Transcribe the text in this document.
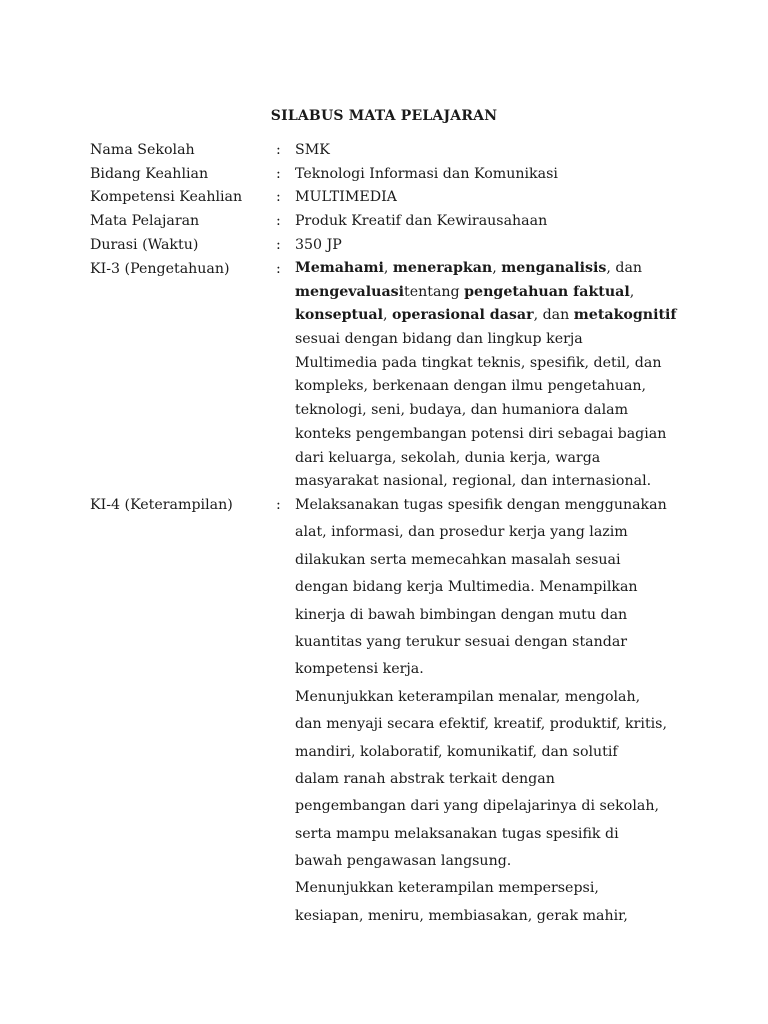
SILABUS MATA PELAJARAN
Nama Sekolah	: SMK
Bidang Keahlian	: Teknologi Informasi dan Komunikasi
Kompetensi Keahlian : MULTIMEDIA
Mata Pelajaran	: Produk Kreatif dan Kewirausahaan
Durasi (Waktu)	: 350 JP
KI-3 (Pengetahuan)	: Memahami, menerapkan, menganalisis, dan
mengevaluasitentang pengetahuan faktual,
konseptual, operasional dasar, dan metakognitif
sesuai dengan bidang dan lingkup kerja
Multimedia pada tingkat teknis, spesifik, detil, dan
kompleks, berkenaan dengan ilmu pengetahuan,
teknologi, seni, budaya, dan humaniora dalam
konteks pengembangan potensi diri sebagai bagian
dari keluarga, sekolah, dunia kerja, warga
masyarakat nasional, regional, dan internasional.
KI-4 (Keterampilan)	: Melaksanakan tugas spesifik dengan menggunakan
alat, informasi, dan prosedur kerja yang lazim
dilakukan serta memecahkan masalah sesuai
dengan bidang kerja Multimedia. Menampilkan
kinerja di bawah bimbingan dengan mutu dan
kuantitas yang terukur sesuai dengan standar
kompetensi kerja.
Menunjukkan keterampilan menalar, mengolah,
dan menyaji secara efektif, kreatif, produktif, kritis,
mandiri, kolaboratif, komunikatif, dan solutif
dalam ranah abstrak terkait dengan
pengembangan dari yang dipelajarinya di sekolah,
serta mampu melaksanakan tugas spesifik di
bawah pengawasan langsung.
Menunjukkan keterampilan mempersepsi,
kesiapan, meniru, membiasakan, gerak mahir,
